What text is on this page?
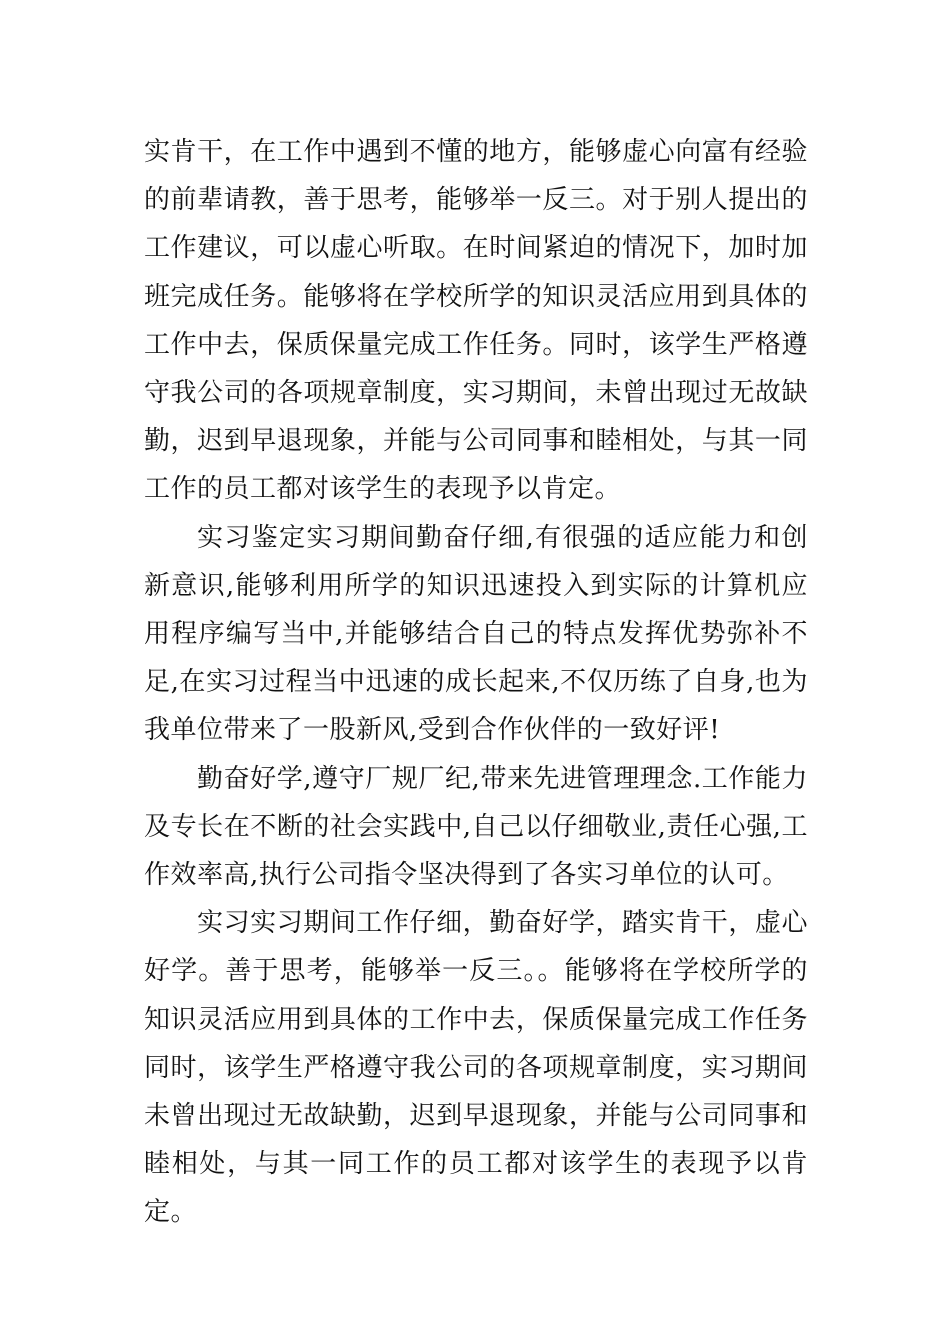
实肯干，在工作中遇到不懂的地方，能够虚心向富有经验的前辈请教，善于思考，能够举一反三。对于别人提出的工作建议，可以虚心听取。在时间紧迫的情况下，加时加班完成任务。能够将在学校所学的知识灵活应用到具体的工作中去，保质保量完成工作任务。同时，该学生严格遵守我公司的各项规章制度，实习期间，未曾出现过无故缺勤，迟到早退现象，并能与公司同事和睦相处，与其一同工作的员工都对该学生的表现予以肯定。

实习鉴定实习期间勤奋仔细,有很强的适应能力和创新意识,能够利用所学的知识迅速投入到实际的计算机应用程序编写当中,并能够结合自己的特点发挥优势弥补不足,在实习过程当中迅速的成长起来,不仅历练了自身,也为我单位带来了一股新风,受到合作伙伴的一致好评!

勤奋好学,遵守厂规厂纪,带来先进管理理念.工作能力及专长在不断的社会实践中,自己以仔细敬业,责任心强,工作效率高,执行公司指令坚决得到了各实习单位的认可。

实习实习期间工作仔细，勤奋好学，踏实肯干，虚心好学。善于思考，能够举一反三。。能够将在学校所学的知识灵活应用到具体的工作中去，保质保量完成工作任务同时，该学生严格遵守我公司的各项规章制度，实习期间未曾出现过无故缺勤，迟到早退现象，并能与公司同事和睦相处，与其一同工作的员工都对该学生的表现予以肯定。
